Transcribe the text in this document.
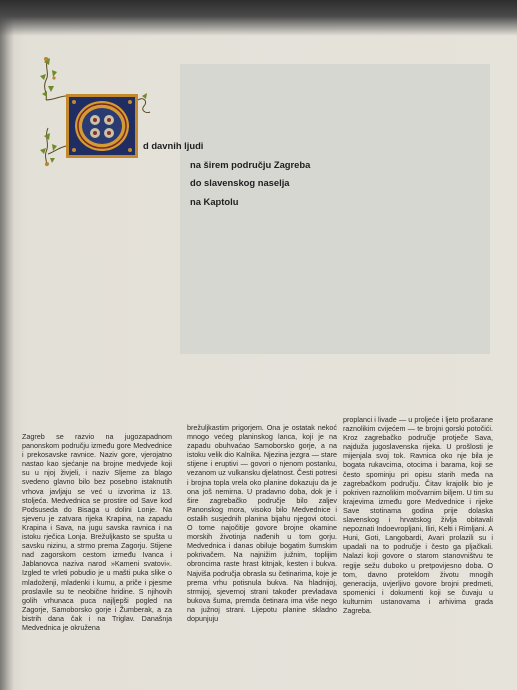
d davnih ljudi
na širem području Zagreba
do slavenskog naselja
na Kaptolu
Zagreb se razvio na jugozapadnom panonskom području između gore Medvednice i prekosavske ravnice. Naziv gore, vjerojatno nastao kao sjećanje na brojne medvjede koji su u njoj živjeli, i naziv Sljeme za blago svedeno glavno bilo bez posebno istaknutih vrhova javljaju se već u izvorima iz 13. stoljeća. Medvednica se prostire od Save kod Podsuseda do Bisaga u dolini Lonje. Na sjeveru je zatvara rijeka Krapina, na zapadu Krapina i Sava, na jugu savska ravnica i na istoku rječica Lonja. Brežuljkasto se spušta u savsku nizinu, a strmo prema Zagorju. Stijene nad zagorskom cestom između Ivanca i Jablanovca naziva narod »Kameni svatovi«. Izgled te vrleti pobudio je u mašti puka slike o mladoženji, mladenki i kumu, a priče i pjesme proslavile su te neobične hridine. S njihovih golih vrhunaca puca najljepši pogled na Zagorje, Samoborsko gorje i Žumberak, a za bistrih dana čak i na Triglav. Današnja Medvednica je okružena
brežuljkastim prigorjem. Ona je ostatak nekoć mnogo većeg planinskog lanca, koji je na zapadu obuhvaćao Samoborsko gorje, a na istoku velik dio Kalnika. Njezina jezgra — stare stijene i eruptivi — govori o njenom postanku, vezanom uz vulkansku djelatnost. Česti potresi i brojna topla vrela oko planine dokazuju da je ona još nemirna. U pradavno doba, dok je i šire zagrebačko područje bilo zaljev Panonskog mora, visoko bilo Medvednice i ostalih susjednih planina bijahu njegovi otoci. O tome najočitije govore brojne okamine morskih životinja nađenih u tom gorju. Medvednica i danas obiluje bogatim šumskim pokrivačem. Na najnižim južnim, toplijim obroncima raste hrast kitnjak, kesten i bukva. Najviša područja obrasla su četinarima, koje je prema vrhu potisnula bukva. Na hladnijoj, strmijoj, sjevernoj strani također prevladava bukova šuma, premda četinara ima više nego na južnoj strani. Lijepotu planine skladno dopunjuju
proplanci i livade — u proljeće i ljeto prošarane raznolikim cvijećem — te brojni gorski potočići. Kroz zagrebačko područje protječe Sava, najduža jugoslavenska rijeka. U prošlosti je mijenjala svoj tok. Ravnica oko nje bila je bogata rukavcima, otocima i barama, koji se često spominju pri opisu starih međa na zagrebačkom području. Čitav krajolik bio je pokriven raznolikim močvarnim biljem. U tim su krajevima između gore Medvednice i rijeke Save stotinama godina prije dolaska slavenskog i hrvatskog življa obitavali nepoznati Indoevropljani, Iliri, Kelti i Rimljani. A Huni, Goti, Langobardi, Avari prolazili su i upadali na to područje i često ga pljačkali. Nalazi koji govore o starom stanovništvu te regije sežu duboko u pretpovijesno doba. O tom, davno proteklom životu mnogih generacija, uvjerljivo govore brojni predmeti, spomenici i dokumenti koji se čuvaju u kulturnim ustanovama i arhivima grada Zagreba.
